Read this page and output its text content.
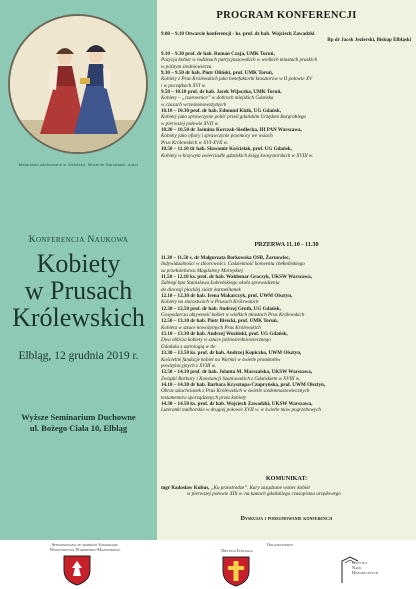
Malarstwo zachowane w Gdańsku, Muzeum Narodowe, autor
Konferencja Naukowa
Kobiety
w Prusach
Królewskich
Elbląg, 12 grudnia 2019 r.
Wyższe Seminarium Duchowne
ul. Bożego Ciała 10, Elbląg
PROGRAM KONFERENCJI
9.00 – 9.10 Otwarcie konferencji - ks. prof. dr hab. Wojciech Zawadzki
Bp dr Jacek Jezierski, Biskup Elbląski
9.10 – 9.30 prof. dr hab. Roman Czaja, UMK Toruń,
Pozycja kobiet w rodzinach patrycjuszowskich w wielkich miastach pruskich
w późnym średniowieczu
9.30 – 9.50 dr hab. Piotr Oliński, prof. UMK Toruń,
Kobiety z Prus Królewskich jako benefaktorki klasztorów w II połowie XV
i w początkach XVI w.
9.50 – 10.10 prof. dr hab. Jacek Wijaczka, UMK Toruń,
Kobiety – „czarownice” w dobrach miejskich Gdańska
w czasach wczesnonowożytnych
10.10 – 10.30 prof. dr hab. Edmund Kizik, UG Gdańsk,
Kobiety jako sprawczynie pobić przed gdańskim Urzędem Burgrabiego
w pierwszej połowie XVII w.
10.30 – 10.50 dr Jaśmina Korczak-Siedlecka, IH PAN Warszawa,
Kobiety jako ofiary i sprawczynie przemocy we wsiach
Prus Królewskich w XVI-XVII w.
10.50 – 11.10 dr hab. Sławomir Kościelak, prof. UG Gdańsk,
Kobiety w krzywym zwierciadle gdańskich ksiąg konsystorskich w XVIII w.
PRZERWA 11.10 - 11.30
11.30 – 11.50 s. dr Małgorzata Borkowska OSB, Żarnowiec,
Indywidualności w zbiorowości. Codzienność konwentu chełmińskiego
za przełożeństwa Magdaleny Mortęskiej
11.50 – 12.10 ks. prof. dr hab. Waldemar Graczyk, UKSW Warszawa,
Zabiegi bpa Stanisława Łubieńskiego około sprowadzenia
do diecezji płockiej sióstr karmelitanek
12.10 – 12.30 dr hab. Irena Makarczyk, prof. UWM Olsztyn,
Kobiety na starostwach w Prusach Królewskich
12.30 – 12.50 prof. dr hab. Andrzej Groth, UG Gdańsk,
Gospodarcza aktywność kobiet w wielkich miastach Prus Królewskich
12.50 – 13.10 dr hab. Piotr Birecki, prof. UMK Toruń,
Kobieta w sztuce nowożytnych Prus Królewskich
13.10 – 13.30 dr hab. Andrzej Woziński, prof. UG Gdańsk,
Dwa oblicza kobiety w sztuce późnośredniowiecznego
Gdańska z astrologią w tle
13.30 – 13.50 ks. prof. dr hab. Andrzej Kopiczko, UWM Olsztyn,
Kościelne fundacje kobiet na Warmii w świetle protokołów
powizytacyjnych z XVIII w.
13.50 – 14.10 prof. dr hab. Jolanta M. Marszalska, UKSW Warszawa,
Związki Barbary i Konstancji Szaniawskich z Gdańskiem w XVIII w.
14.10 – 14.30 dr hab. Barbara Krysztopa-Czupryńska, prof. UWM Olsztyn,
Obraz szlachcianek z Prus Królewskich w świetle siedemnastowiecznych
testamentów sporządzonych przez kobiety
14.30 – 14.50 ks. prof. dr hab. Wojciech Zawadzki, UKSW Warszawa,
Luteranki malborskie w drugiej połowie XVII w. w świetle mów pogrzebowych
KOMUNIKAT:
mgr Radosław Kubus, „Ku przestrodze”. Kary zasądzane wobec kobiet
w pierwszej połowie XIX w. na łamach gdańskiego czasopisma urzędowego
Dyskusja i podsumowanie konferencji
Sfinansowano ze środków Samorządu
Województwa Warmińsko-Mazurskiego
Organizatorzy
Diecezja Elbląska
Instytut
Nauk
Historycznych
